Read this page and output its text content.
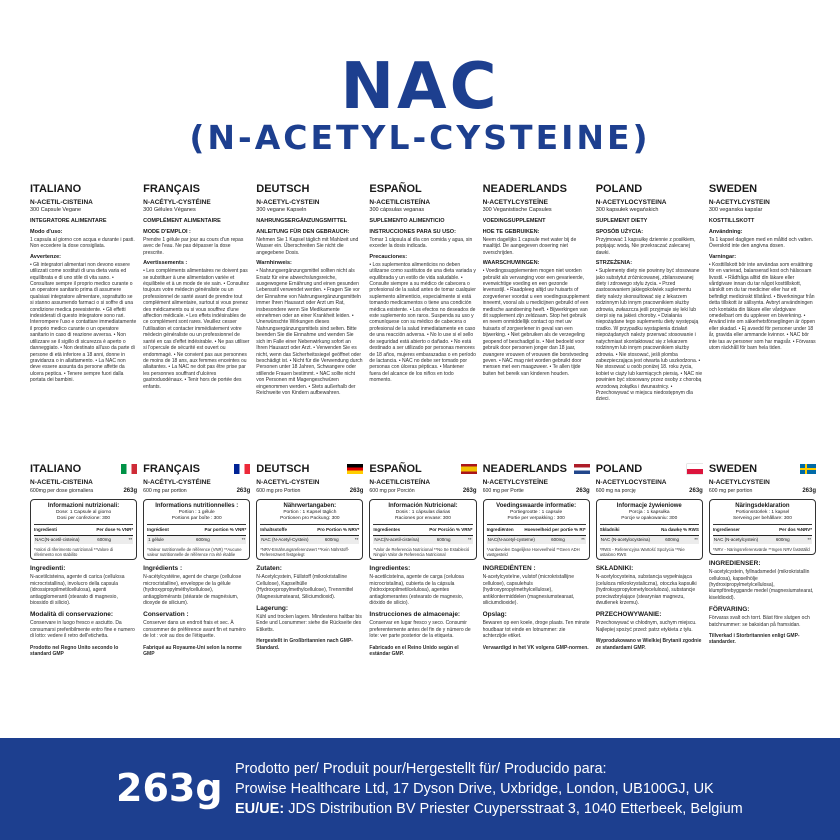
NAC
(N-ACETYL-CYSTEINE)
ITALIANO
N-ACETIL-CISTEINA
300 Capsule Vegane
INTEGRATORE ALIMENTARE
Modo d'uso:
1 capsula al giorno con acqua e durante i pasti. Non eccedere la dose consigliata.
Avvertenze:
• Gli integratori alimentari non devono essere utilizzati come sostituti di una dieta varia ed equilibrata e di uno stile di vita sano. • Consultare sempre il proprio medico curante o un operatore sanitario prima di assumere qualsiasi integratore alimentare, soprattutto se si stanno assumendo farmaci o si soffre di una condizione medica preesistente. • Gli effetti indesiderati di questo integratore sono rari. Interrompere l'uso e contattare immediatamente il proprio medico curante o un operatore sanitario in caso di reazione avversa. • Non utilizzare se il sigillo di sicurezza è aperto o danneggiato. • Non destinato all'uso da parte di persone di età inferiore a 18 anni, donne in gravidanza o in allattamento. • La NAC non deve essere assunta da persone affette da ulcera peptica. • Tenere sempre fuori dalla portata dei bambini.
FRANÇAIS
N-ACÉTYL-CYSTÉINE
300 Gélules Véganes
COMPLÉMENT ALIMENTAIRE
MODE D'EMPLOI :
Prendre 1 gélule par jour au cours d'un repas avec de l'eau. Ne pas dépasser la dose prescrite.
Avertissements :
• Les compléments alimentaires ne doivent pas se substituer à une alimentation variée et équilibrée et à un mode de vie sain. • Consultez toujours votre médecin généraliste ou un professionnel de santé avant de prendre tout complément alimentaire, surtout si vous prenez des médicaments ou si vous souffrez d'une affection médicale. • Les effets indésirables de ce complément sont rares. Veuillez cesser l'utilisation et contacter immédiatement votre médecin généraliste ou un professionnel de santé en cas d'effet indésirable. • Ne pas utiliser si l'opercule de sécurité est ouvert ou endommagé. • Ne convient pas aux personnes de moins de 18 ans, aux femmes enceintes ou allaitantes. • La NAC ne doit pas être prise par les personnes souffrant d'ulcères gastroduodénaux. • Tenir hors de portée des enfants.
DEUTSCH
N-ACETYL-CYSTEIN
300 vegane Kapseln
NAHRUNGSERGÄNZUNGSMITTEL
ANLEITUNG FÜR DEN GEBRAUCH:
Nehmen Sie 1 Kapsel täglich mit Mahlzeit und Wasser ein. Überschreiten Sie nicht die angegebene Dosis.
Warnhinweis:
• Nahrungsergänzungsmittel sollten nicht als Ersatz für eine abwechslungsreiche, ausgewogene Ernährung und einen gesunden Lebensstil verwendet werden. • Fragen Sie vor der Einnahme von Nahrungsergänzungsmitteln immer Ihren Hausarzt oder Arzt um Rat, insbesondere wenn Sie Medikamente einnehmen oder an einer Krankheit leiden. • Unerwünschte Wirkungen dieses Nahrungsergänzungsmittels sind selten. Bitte beenden Sie die Einnahme und wenden Sie sich im Falle einer Nebenwirkung sofort an Ihren Hausarzt oder Arzt. • Verwenden Sie es nicht, wenn das Sicherheitssiegel geöffnet oder beschädigt ist. • Nicht für die Verwendung durch Personen unter 18 Jahren, Schwangere oder stillende Frauen bestimmt. • NAC sollte nicht von Personen mit Magengeschwüren eingenommen werden. • Stets außerhalb der Reichweite von Kindern aufbewahren.
ESPAÑOL
N-ACETILCISTEÍNA
300 cápsulas veganas
SUPLEMENTO ALIMENTICIO
INSTRUCCIONES PARA SU USO:
Tomar 1 cápsula al día con comida y agua, sin exceder la dosis indicada.
Precauciones:
• Los suplementos alimenticios no deben utilizarse como sustitutos de una dieta variada y equilibrada y un estilo de vida saludable. • Consulte siempre a su médico de cabecera o profesional de la salud antes de tomar cualquier suplemento alimenticio, especialmente si está tomando medicamentos o tiene una condición médica existente. • Los efectos no deseados de este suplemento son raros. Suspenda su uso y comuníquese con su médico de cabecera o profesional de la salud inmediatamente en caso de una reacción adversa. • No lo use si el sello de seguridad está abierto o dañado. • No está destinado a ser utilizado por personas menores de 18 años, mujeres embarazadas o en período de lactancia. • NAC no debe ser tomado por personas con úlceras pépticas. • Mantener fuera del alcance de los niños en todo momento.
NEADERLANDS
N-ACETYLCYSTEÏNE
300 Veganistische Capsules
VOEDINGSUPPLEMENT
HOE TE GEBRUIKEN:
Neem dagelijks 1 capsule met water bij de maaltijd. De aangegeven dosering niet overschrijden.
WAARSCHUWINGEN:
• Voedingssupplementen mogen niet worden gebruikt als vervanging voor een gevarieerde, evenwichtige voeding en een gezonde levensstijl. • Raadpleeg altijd uw huisarts of zorgverlener voordat u een voedingssupplement inneemt, vooral als u medicijnen gebruikt of een medische aandoening heeft. • Bijwerkingen van dit supplement zijn zeldzaam. Stop het gebruik en neem onmiddellijk contact op met uw huisarts of zorgverlener in geval van een bijwerking. • Niet gebruiken als de verzegeling geopend of beschadigd is. • Niet bedoeld voor gebruik door personen jonger dan 18 jaar, zwangere vrouwen of vrouwen die borstvoeding geven. • NAC mag niet worden gebruikt door mensen met een maagzweer. • Te allen tijde buiten het bereik van kinderen houden.
POLAND
N-ACETYLOCYSTEINA
300 kapsułek wegańskich
SUPLEMENT DIETY
SPOSÓB UŻYCIA:
Przyjmować 1 kapsułkę dziennie z posiłkiem, popijając wodą. Nie przekraczać zalecanej dawki.
STRZEŻENIA:
• Suplementy diety nie powinny być stosowane jako substytut zróżnicowanej, zbilansowanej diety i zdrowego stylu życia. • Przed zastosowaniem jakiegokolwiek suplementu diety należy skonsultować się z lekarzem rodzinnym lub innym pracownikiem służby zdrowia, zwłaszcza jeśli przyjmuje się leki lub cierpi się na jakieś choroby. • Działania niepożądane tego suplementu diety występują rzadko. W przypadku wystąpienia działań niepożądanych należy przerwać stosowanie i natychmiast skontaktować się z lekarzem rodzinnym lub innym pracownikiem służby zdrowia. • Nie stosować, jeśli plomba zabezpieczająca jest otwarta lub uszkodzona. • Nie stosować u osób poniżej 18. roku życia, kobiet w ciąży lub karmiących piersią. • NAC nie powinien być stosowany przez osoby z chorobą wrzodową żołądka i dwunastnicy. • Przechowywać w miejscu niedostępnym dla dzieci.
SWEDEN
N-ACETYLCYSTEIN
300 veganska kapslar
KOSTTILLSKOTT
Användning:
Ta 1 kapsel dagligen med en måltid och vatten. Överskrid inte den angivna dosen.
Varningar:
• Kosttillskott bör inte användas som ersättning för en varierad, balanserad kost och hälsosam livsstil. • Rådfråga alltid din läkare eller vårdgivare innan du tar något kosttillskott, särskilt om du tar mediciner eller har ett befintligt medicinskt tillstånd. • Biverkningar från detta tillskott är sällsynta. Avbryt användningen och kontakta din läkare eller vårdgivare omedelbart om du upplever en biverkning. • Använd inte om säkerhetsförseglingen är öppen eller skadad. • Ej avsedd för personer under 18 år, gravida eller ammande kvinnor. • NAC bör inte tas av personer som har magsår. • Förvaras utom räckhåll för barn hela tiden.
ITALIANO
N-ACETIL-CISTEINA
600mg per dose giornaliera	263g
Informazioni nutrizionali:
Dose: 1 Capsule al giorno
Dosi per confezione: 300
Ingredienti	Per dose % VNR*
NAC(N-acetil-cisteina)	600mg	**
*Valori di riferimento nutrizionali **Valore di riferimento non stabilito
Ingredienti:
N-acetilcisteina, agente di carica (cellulosa microcristallina), involucro della capsula (idrossipropilmetilcellulosa), agenti antiagglomeranti (stearato di magnesio, biossido di silicio).
Modalità di conservazione:
Conservare in luogo fresco e asciutto. Da consumarsi preferibilmente entro fine e numero di lotto: vedere il retro dell'etichetta.
Prodotto nel Regno Unito secondo lo standard GMP
FRANÇAIS
N-ACÉTYL-CYSTÉINE
600 mg par portion	263g
Informations nutritionnelles :
Portion : 1 gélule
Portions par boîte : 300
Ingrédient	Par portion % VNR*
1 gélule	600mg	**
*Valeur nutritionnelle de référence (VNR) **Aucune valeur nutritionnelle de référence n'a été établie
Ingrédients :
N-acétylcystéine, agent de charge (cellulose microcristalline), enveloppe de la gélule (hydroxypropylméthylcellulose), antiagglomérants (stéarate de magnésium, dioxyde de silicium).
Conservation :
Conserver dans un endroit frais et sec. À consommer de préférence avant fin et numéro de lot : voir au dos de l'étiquette.
Fabriqué au Royaume-Uni selon la norme GMP
DEUTSCH
N-ACETYL-CYSTEIN
600 mg pro Portion	263g
Nährwertangaben:
Portion : 1 Kapsel täglich
Portionen pro Packung: 300
Inhaltsstoffe	Pro Portion % NRV*
NAC (N-Acetyl-Cystein)	600mg	**
*NRV-Ernährungsreferenzwert **Kein Nährstoff-Referenzwert festgelegt
Zutaten:
N-Acetylcystein, Füllstoff (mikrokristalline Cellulose), Kapselhülle (Hydroxypropylmethylcellulose), Trennmittel (Magnesiumstearat, Siliciumdioxid).
Lagerung:
Kühl und trocken lagern. Mindestens haltbar bis Ende und Losnummer: siehe die Rückseite des Etiketts.
Hergestellt in Großbritannien nach GMP-Standard.
ESPAÑOL
N-ACETILCISTEÍNA
600 mg por Porción	263g
Información Nutricional:
Dosis : 1 cápsulas diarias
Raciones por envase: 300
Ingredientes	Por Porción % VRN*
NAC(N-acetil-cisteína)	600mg	**
*Valor de Referencia Nutricional **No Se Estableció Ningún Valor de Referencia Nutricional
Ingredientes:
N-acetilcisteína, agente de carga (celulosa microcristalina), cubierta de la cápsula (hidroxipropilmetilcelulosa), agentes antiaglomerantes (estearato de magnesio, dióxido de silicio).
Instrucciones de almacenaje:
Conservar en lugar fresco y seco. Consumir preferentemente antes del fin de y número de lote: ver parte posterior de la etiqueta.
Fabricado en el Reino Unido según el estándar GMP.
NEADERLANDS
N-ACETYLCYSTEÏNE
600 mg per Portie	263g
Voedingswaarde informatie:
Portiegrootte : 1 capsule
Portie per verpakking : 300
Ingrediënten Hoeveelheid per portie % RI*
NAC(N-acetyl-cysteïne)	600mg	**
*Aanbevolen Dagelijkse Hoeveelheid **Geen ADH vastgesteld
INGREDIËNTEN :
N-acetylcysteïne, vulstof (microkristallijne cellulose), capsulehuls (hydroxypropylmethylcellulose), antiklontermiddelen (magnesiumstearaat, siliciumdioxide).
Opslag:
Bewaren op een koele, droge plaats. Ten minste houdbaar tot einde en lotnummer: zie achterzijde etiket.
Vervaardigd in het VK volgens GMP-normen.
POLAND
N-ACETYLOCYSTEINA
600 mg na porcję	263g
Informacje żywieniowe
Porcja : 1 kapsułka
Porcje w opakowaniu: 300
Składniki	Na dawkę % RWS
NAC (N-acetylocysteina)	600mg	**
*RWS - Referencyjna Wartość Spożycia **Nie ustalono RWS
SKŁADNIKI:
N-acetylocysteina, substancja wypełniająca (celuloza mikrokrystaliczna), otoczka kapsułki (hydroksypropylometyloceluloza), substancje przeciwzbrylające (stearynian magnezu, dwutlenek krzemu).
PRZECHOWYWANIE:
Przechowywać w chłodnym, suchym miejscu. Najlepiej spożyć przed: patrz etykieta z tyłu.
Wyprodukowano w Wielkiej Brytanii zgodnie ze standardami GMP.
SWEDEN
N-ACETYLCYSTEIN
600 mg per portion	263g
Näringsdeklaration
Portionsstorlek : 1 kapsel
Serveing per behållare: 300
Ingredienser	Per dos %NRV*
NAC (N-acetylcystein)	600mg	**
*NRV - Näringsreferensvärde **Ingen NRV fastställd
INGREDIENSER:
N-acetylcystein, fyllnadsmedel (mikrokristallin cellulosa), kapselhölje (hydroxipropylmetylcellulosa), klumpförebyggande medel (magnesiumstearat, kiseldioxid).
FÖRVARING:
Förvaras svalt och torrt. Bäst före slutgen och batchnummer: se baksidan på framsidan.
Tillverkad i Storbritannien enligt GMP-standarder.
263g Prodotto per/ Produit pour/Hergestellt für/ Producido para:
Prowise Healthcare Ltd, 17 Dyson Drive, Uxbridge, London, UB100GJ, UK
EU/UE: JDS Distribution BV Priester Cuypersstraat 3, 1040 Etterbeek, Belgium
